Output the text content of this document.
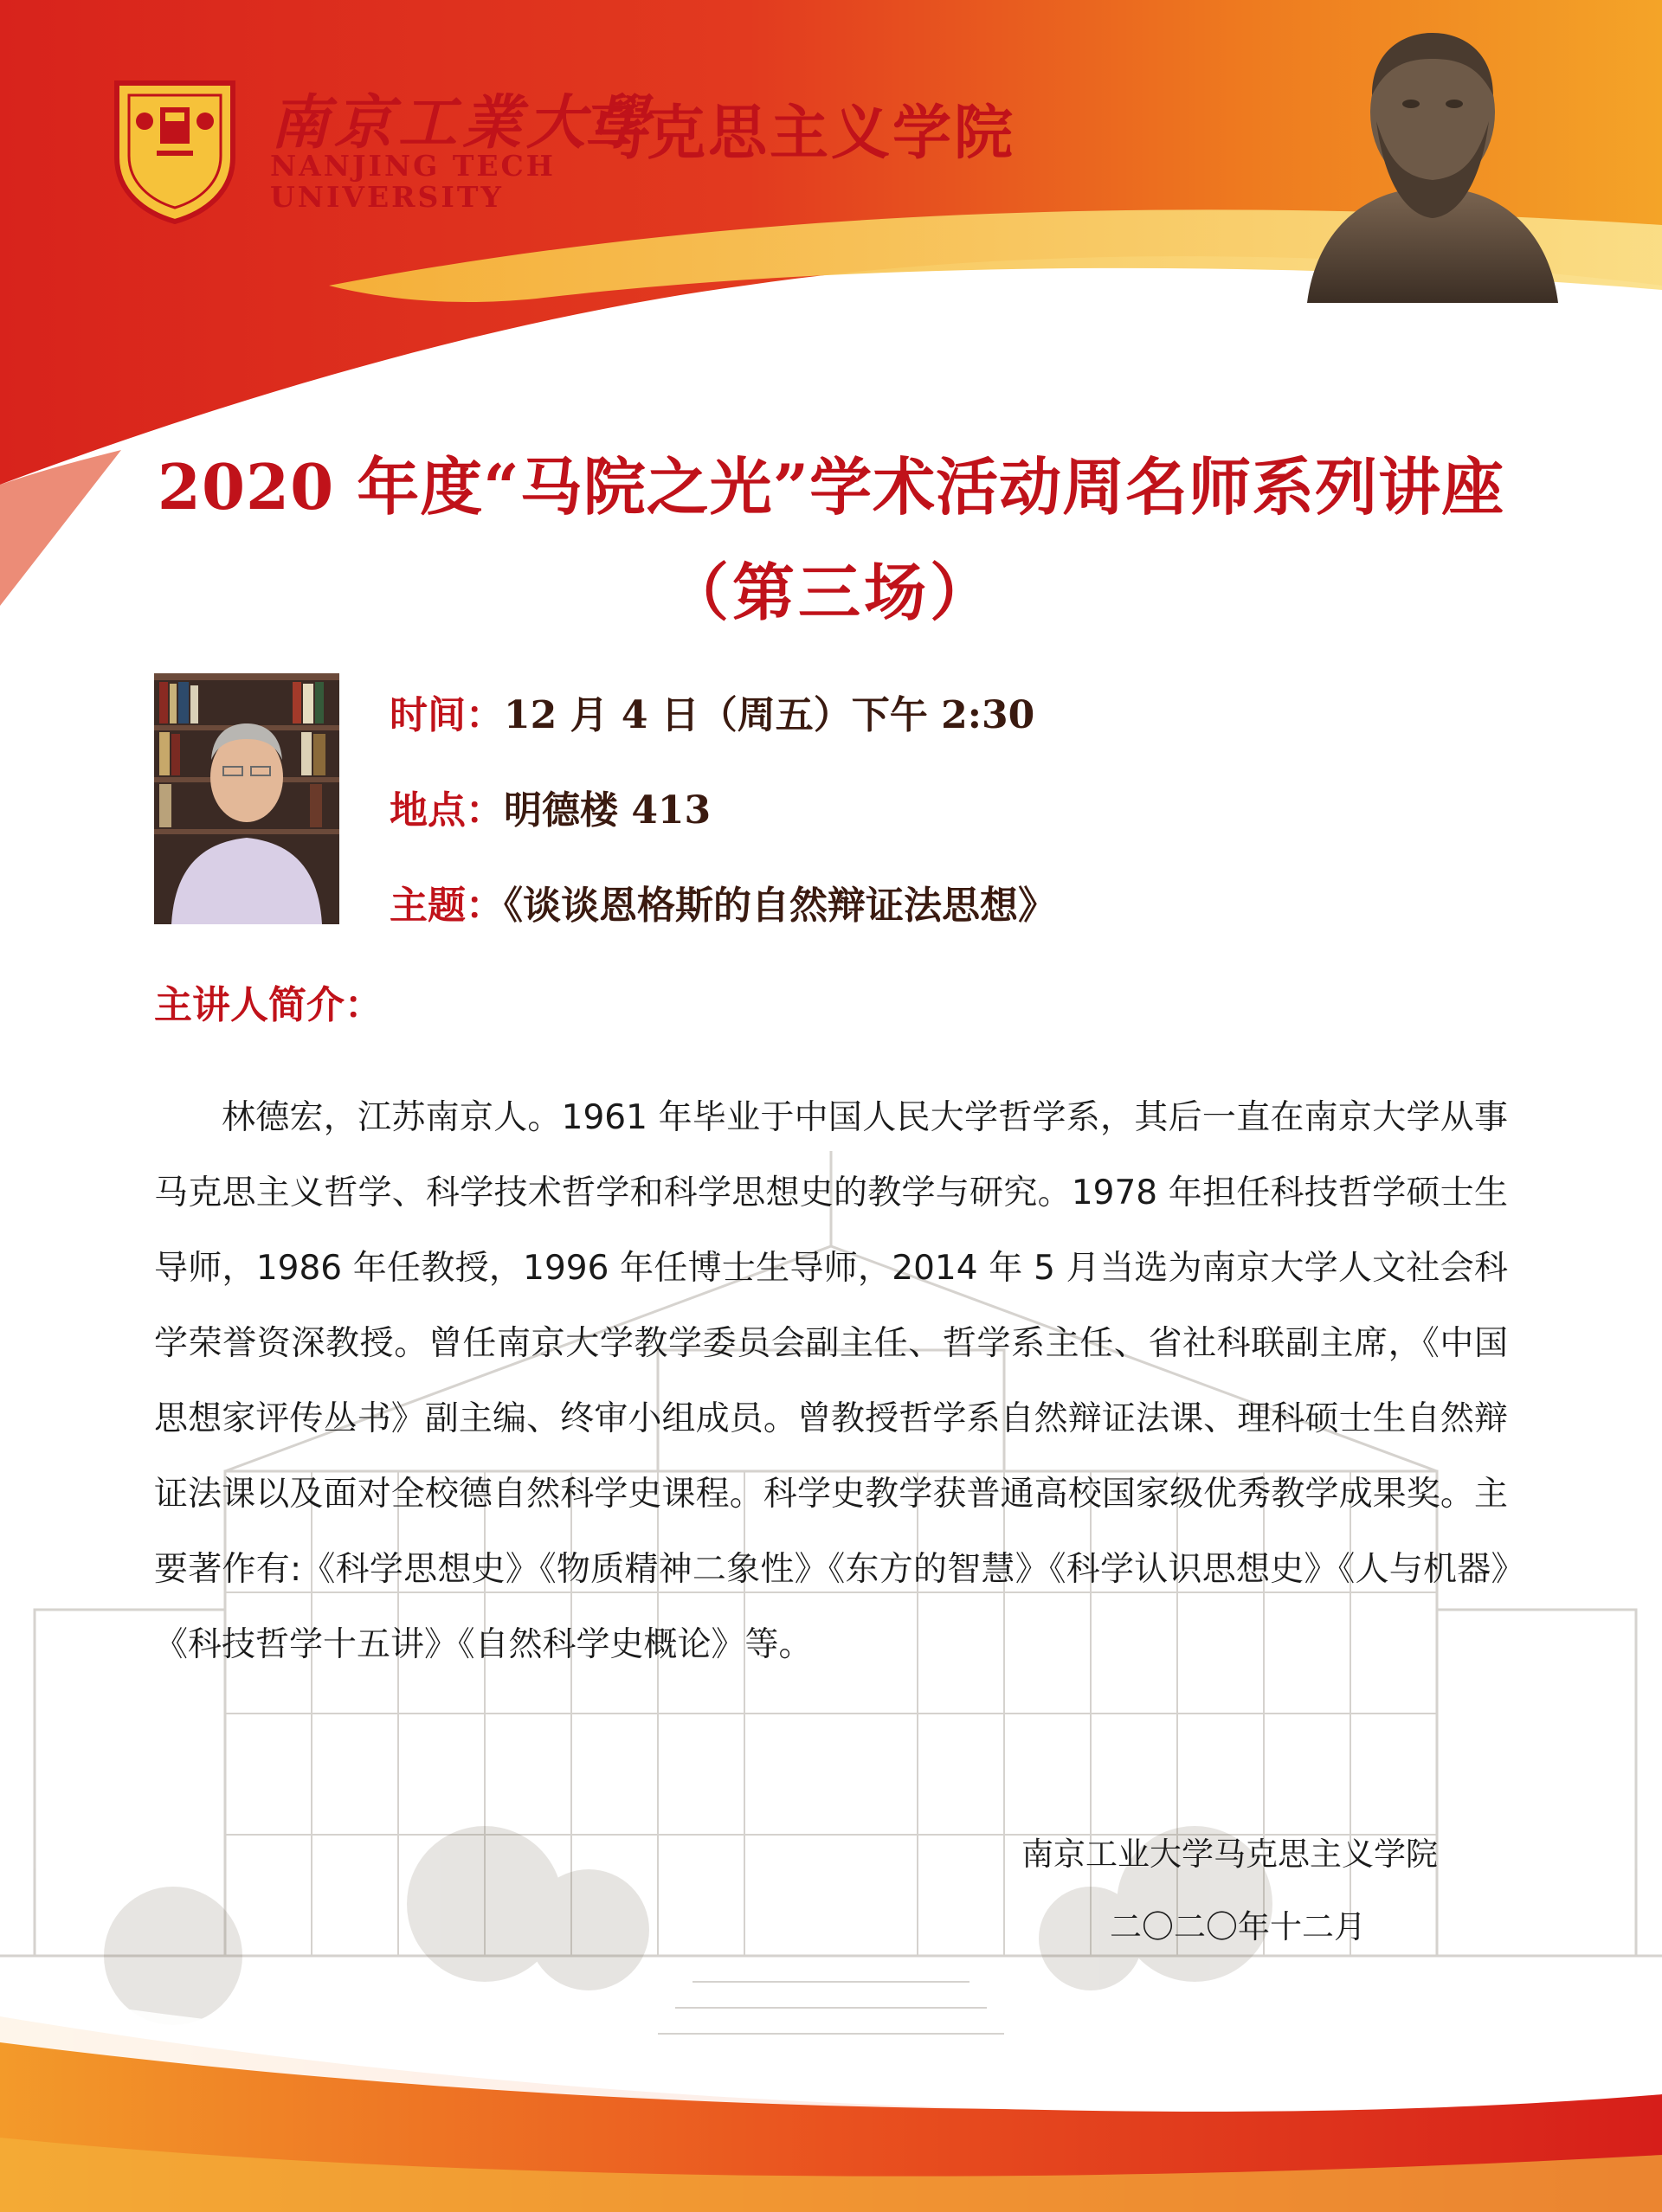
南京工業大學
NANJING TECH
UNIVERSITY
马克思主义学院
2020 年度“马院之光”学术活动周名师系列讲座
（第三场）
时间：12 月 4 日（周五）下午 2:30
地点：明德楼 413
主题：《谈谈恩格斯的自然辩证法思想》
主讲人简介：
林德宏，江苏南京人。1961 年毕业于中国人民大学哲学系，其后一直在南京大学从事马克思主义哲学、科学技术哲学和科学思想史的教学与研究。1978 年担任科技哲学硕士生导师，1986 年任教授，1996 年任博士生导师，2014 年 5 月当选为南京大学人文社会科学荣誉资深教授。曾任南京大学教学委员会副主任、哲学系主任、省社科联副主席，《中国思想家评传丛书》副主编、终审小组成员。曾教授哲学系自然辩证法课、理科硕士生自然辩证法课以及面对全校德自然科学史课程。科学史教学获普通高校国家级优秀教学成果奖。主要著作有:《科学思想史》《物质精神二象性》《东方的智慧》《科学认识思想史》《人与机器》《科技哲学十五讲》《自然科学史概论》等。
南京工业大学马克思主义学院
二〇二〇年十二月
